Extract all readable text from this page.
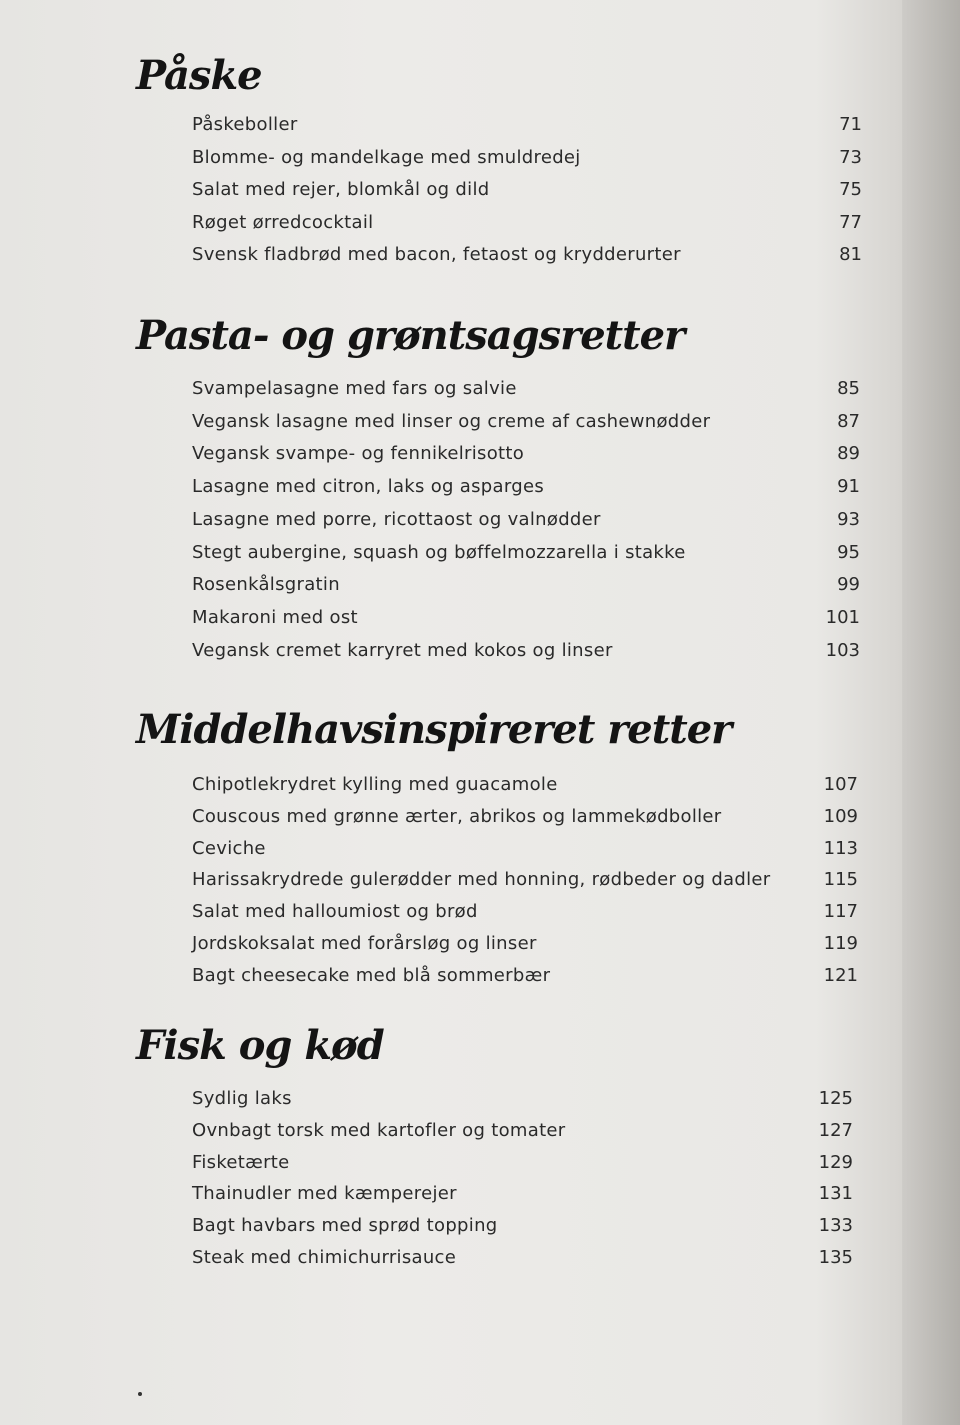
Påske
Påskeboller	71
Blomme- og mandelkage med smuldredej	73
Salat med rejer, blomkål og dild	75
Røget ørredcocktail	77
Svensk fladbrød med bacon, fetaost og krydderurter	81
Pasta- og grøntsagsretter
Svampelasagne med fars og salvie	85
Vegansk lasagne med linser og creme af cashewnødder	87
Vegansk svampe- og fennikelrisotto	89
Lasagne med citron, laks og asparges	91
Lasagne med porre, ricottaost og valnødder	93
Stegt aubergine, squash og bøffelmozzarella i stakke	95
Rosenkålsgratin	99
Makaroni med ost	101
Vegansk cremet karryret med kokos og linser	103
Middelhavsinspireret retter
Chipotlekrydret kylling med guacamole	107
Couscous med grønne ærter, abrikos og lammekødboller	109
Ceviche	113
Harissakrydrede gulerødder med honning, rødbeder og dadler	115
Salat med halloumiost og brød	117
Jordskoksalat med forårsløg og linser	119
Bagt cheesecake med blå sommerbær	121
Fisk og kød
Sydlig laks	125
Ovnbagt torsk med kartofler og tomater	127
Fisketærte	129
Thainudler med kæmperejer	131
Bagt havbars med sprød topping	133
Steak med chimichurrisauce	135
